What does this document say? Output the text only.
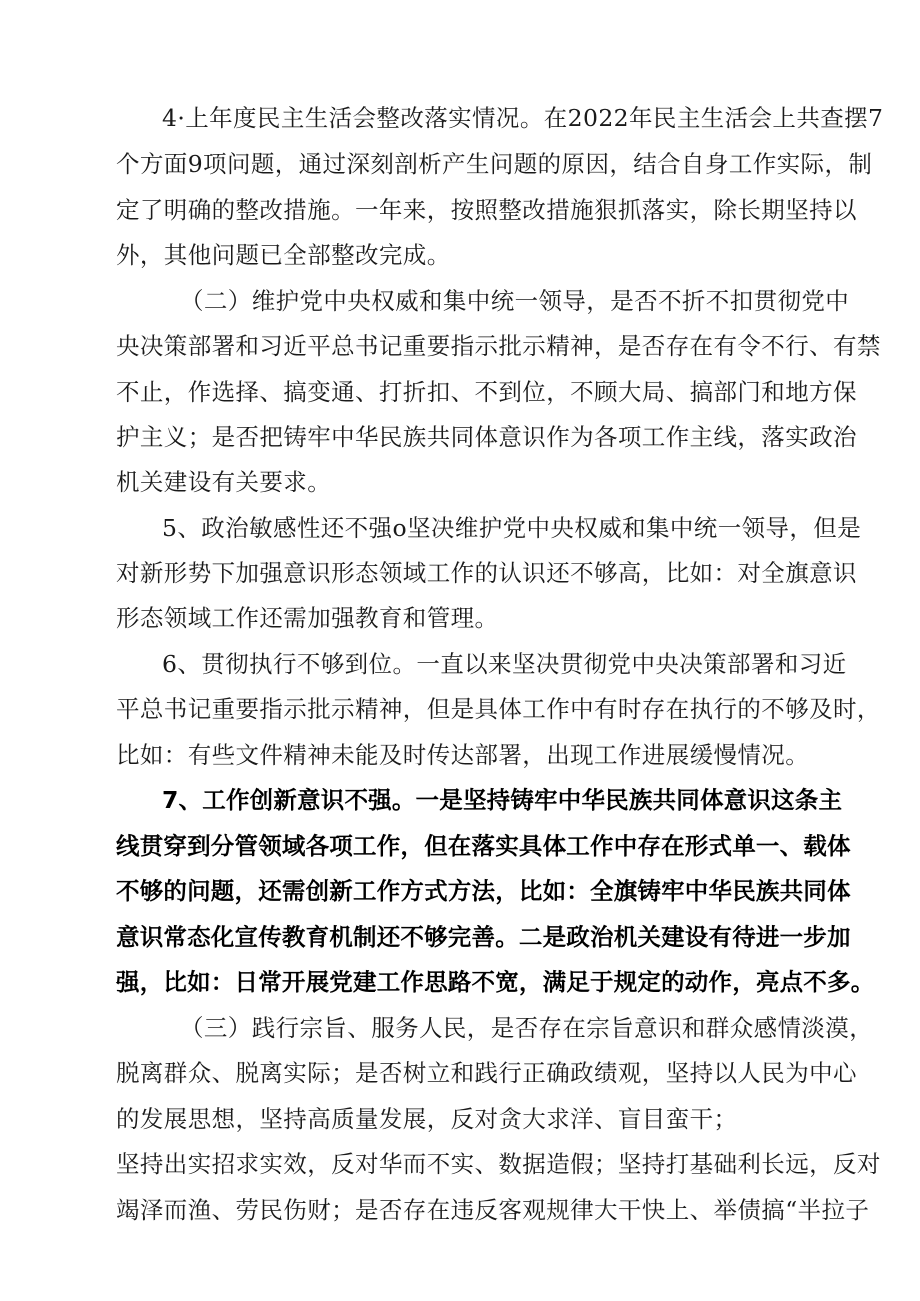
4·上年度民主生活会整改落实情况。在2022年民主生活会上共查摆7
个方面9项问题，通过深刻剖析产生问题的原因，结合自身工作实际，制
定了明确的整改措施。一年来，按照整改措施狠抓落实，除长期坚持以
外，其他问题已全部整改完成。
（二）维护党中央权威和集中统一领导，是否不折不扣贯彻党中
央决策部署和习近平总书记重要指示批示精神，是否存在有令不行、有禁
不止，作选择、搞变通、打折扣、不到位，不顾大局、搞部门和地方保
护主义；是否把铸牢中华民族共同体意识作为各项工作主线，落实政治
机关建设有关要求。
5、政治敏感性还不强o坚决维护党中央权威和集中统一领导，但是
对新形势下加强意识形态领域工作的认识还不够高，比如：对全旗意识
形态领域工作还需加强教育和管理。
6、贯彻执行不够到位。一直以来坚决贯彻党中央决策部署和习近
平总书记重要指示批示精神，但是具体工作中有时存在执行的不够及时，
比如：有些文件精神未能及时传达部署，出现工作进展缓慢情况。
7、工作创新意识不强。一是坚持铸牢中华民族共同体意识这条主
线贯穿到分管领域各项工作，但在落实具体工作中存在形式单一、载体
不够的问题，还需创新工作方式方法，比如：全旗铸牢中华民族共同体
意识常态化宣传教育机制还不够完善。二是政治机关建设有待进一步加
强，比如：日常开展党建工作思路不宽，满足于规定的动作，亮点不多。
（三）践行宗旨、服务人民，是否存在宗旨意识和群众感情淡漠，
脱离群众、脱离实际；是否树立和践行正确政绩观，坚持以人民为中心
的发展思想，坚持高质量发展，反对贪大求洋、盲目蛮干；
坚持出实招求实效，反对华而不实、数据造假；坚持打基础利长远，反对
竭泽而渔、劳民伤财；是否存在违反客观规律大干快上、举债搞“半拉子
